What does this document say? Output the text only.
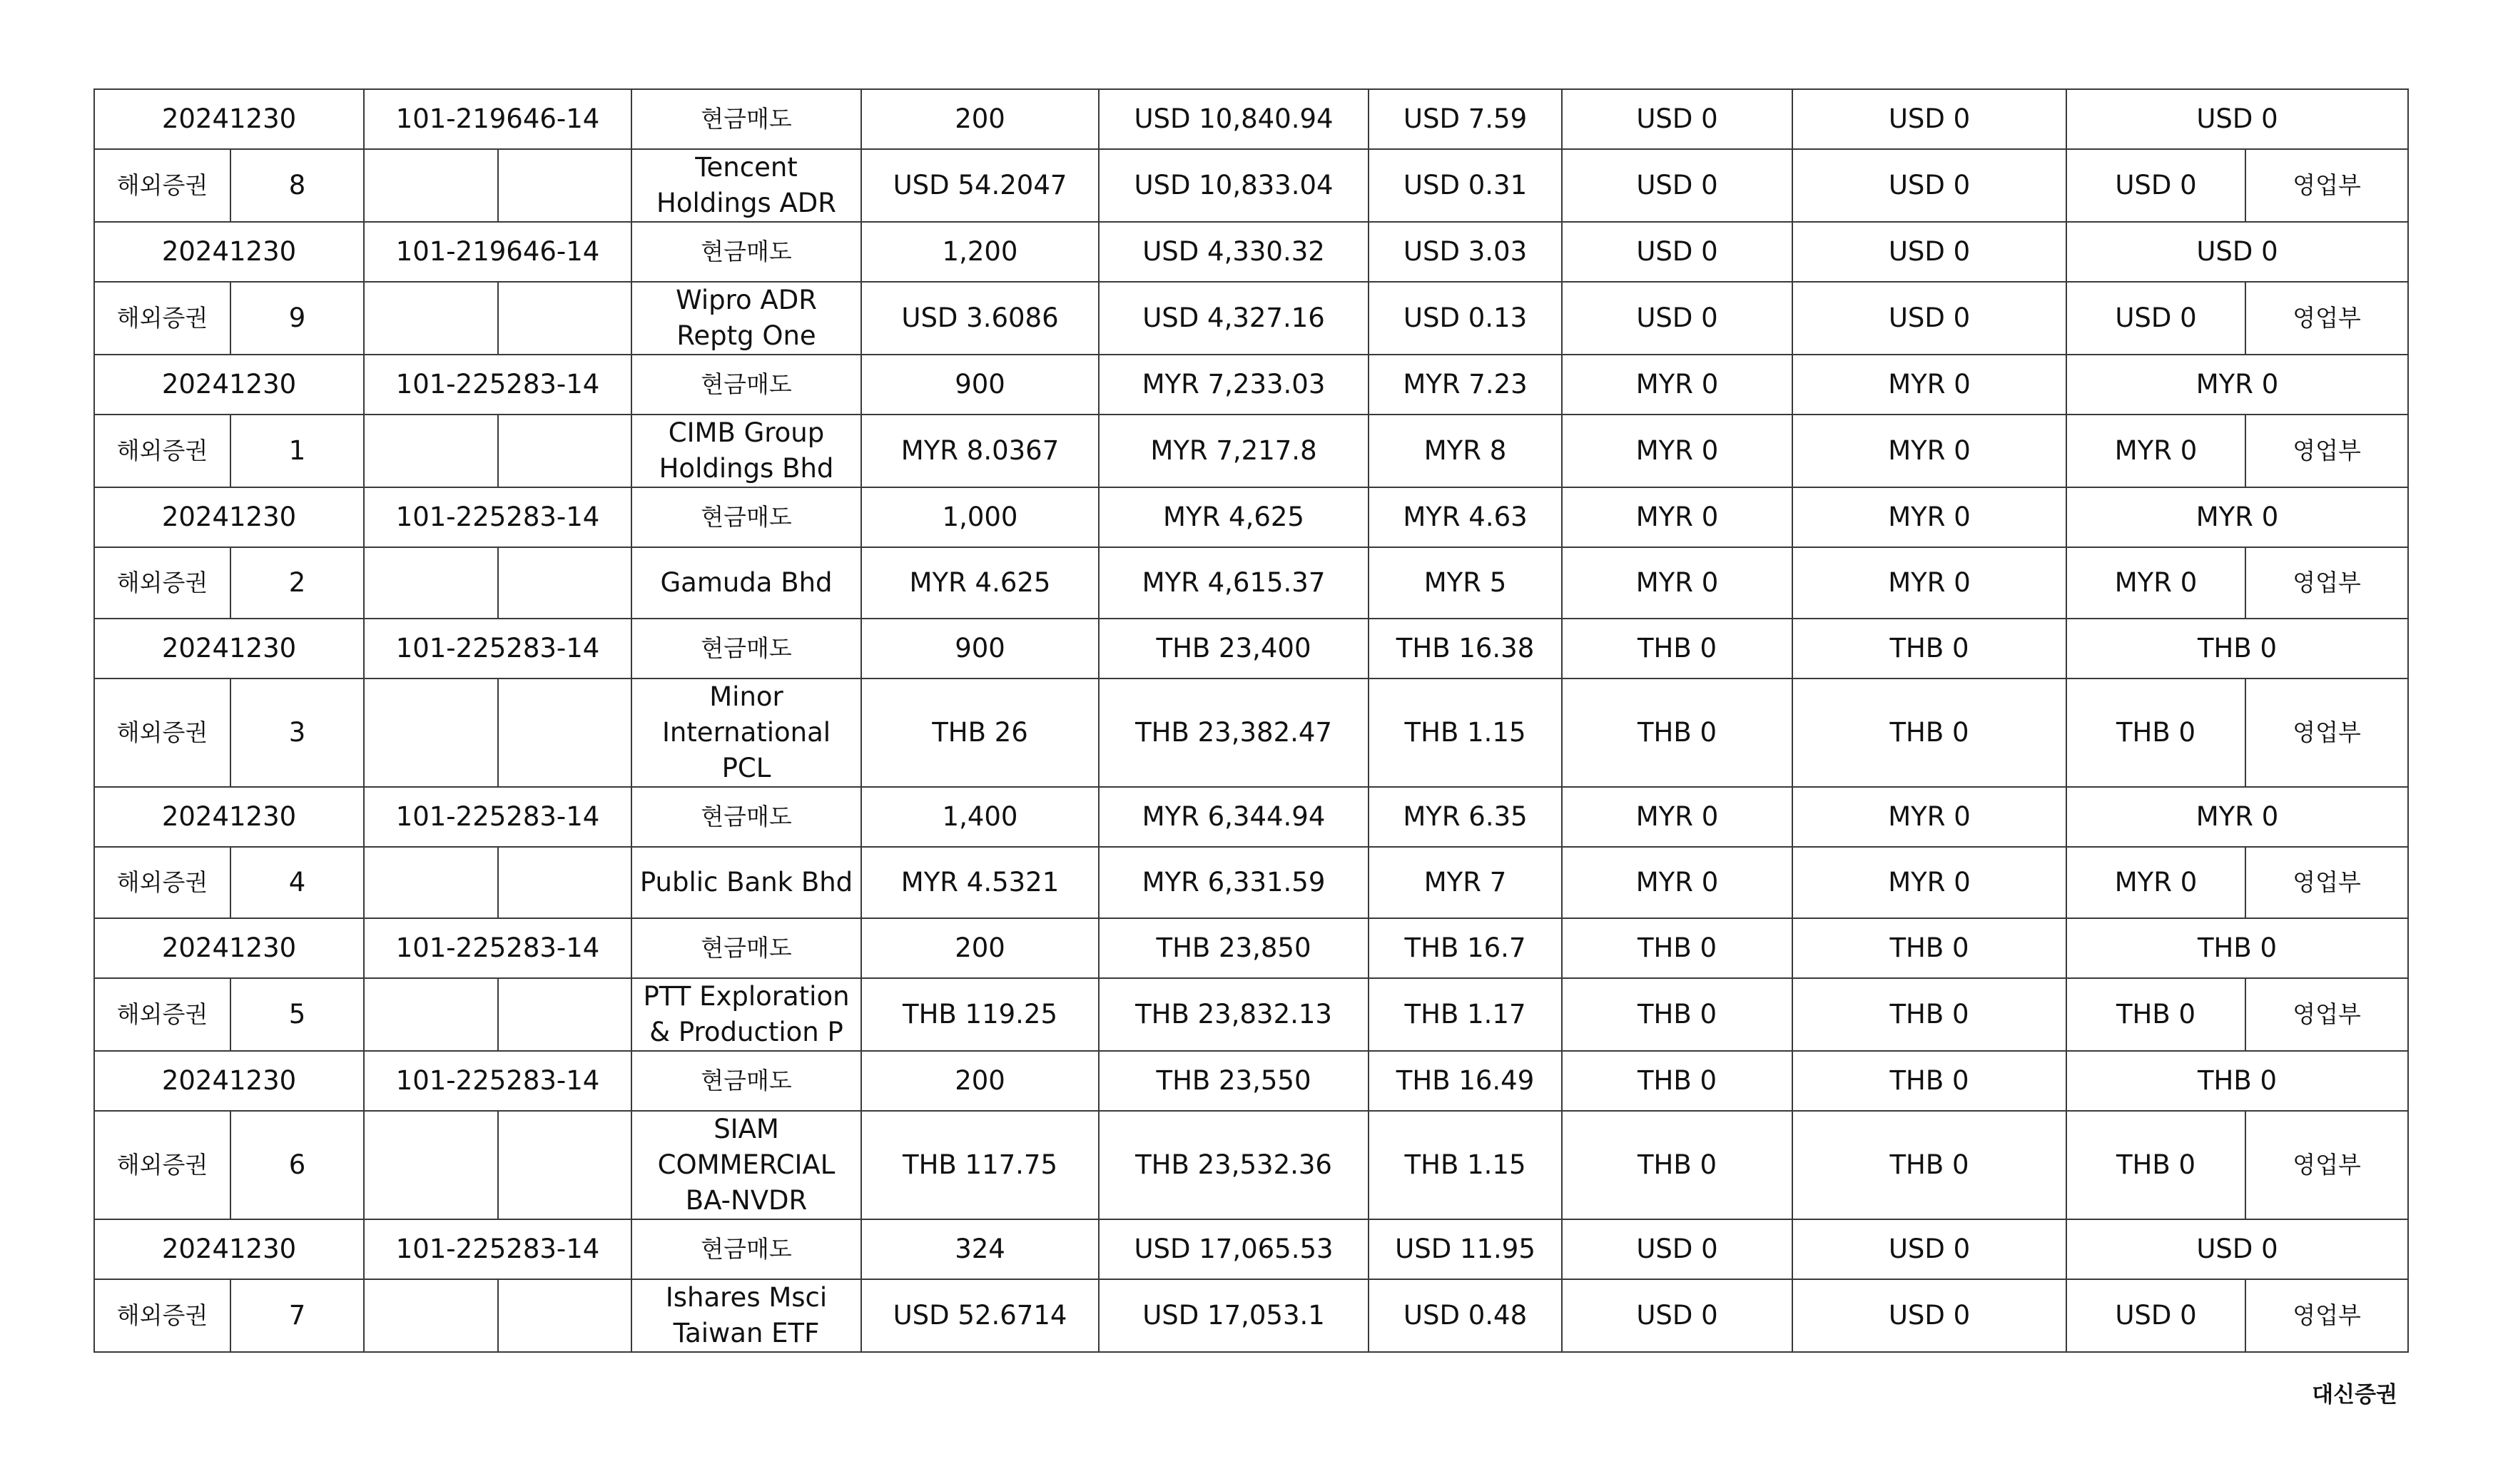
20241230		101-219646-14		현금매도	200	USD 10,840.94	USD 7.59	USD 0	USD 0	USD 0	
해외증권	8			Tencent Holdings ADR	USD 54.2047	USD 10,833.04	USD 0.31	USD 0	USD 0	USD 0	영업부
20241230		101-219646-14		현금매도	1,200	USD 4,330.32	USD 3.03	USD 0	USD 0	USD 0	
해외증권	9			Wipro ADR Reptg One	USD 3.6086	USD 4,327.16	USD 0.13	USD 0	USD 0	USD 0	영업부
20241230		101-225283-14		현금매도	900	MYR 7,233.03	MYR 7.23	MYR 0	MYR 0	MYR 0	
해외증권	1			CIMB Group Holdings Bhd	MYR 8.0367	MYR 7,217.8	MYR 8	MYR 0	MYR 0	MYR 0	영업부
20241230		101-225283-14		현금매도	1,000	MYR 4,625	MYR 4.63	MYR 0	MYR 0	MYR 0	
해외증권	2			Gamuda Bhd	MYR 4.625	MYR 4,615.37	MYR 5	MYR 0	MYR 0	MYR 0	영업부
20241230		101-225283-14		현금매도	900	THB 23,400	THB 16.38	THB 0	THB 0	THB 0	
해외증권	3			Minor International PCL	THB 26	THB 23,382.47	THB 1.15	THB 0	THB 0	THB 0	영업부
20241230		101-225283-14		현금매도	1,400	MYR 6,344.94	MYR 6.35	MYR 0	MYR 0	MYR 0	
해외증권	4			Public Bank Bhd	MYR 4.5321	MYR 6,331.59	MYR 7	MYR 0	MYR 0	MYR 0	영업부
20241230		101-225283-14		현금매도	200	THB 23,850	THB 16.7	THB 0	THB 0	THB 0	
해외증권	5			PTT Exploration & Production P	THB 119.25	THB 23,832.13	THB 1.17	THB 0	THB 0	THB 0	영업부
20241230		101-225283-14		현금매도	200	THB 23,550	THB 16.49	THB 0	THB 0	THB 0	
해외증권	6			SIAM COMMERCIAL BA-NVDR	THB 117.75	THB 23,532.36	THB 1.15	THB 0	THB 0	THB 0	영업부
20241230		101-225283-14		현금매도	324	USD 17,065.53	USD 11.95	USD 0	USD 0	USD 0	
해외증권	7			Ishares Msci Taiwan ETF	USD 52.6714	USD 17,053.1	USD 0.48	USD 0	USD 0	USD 0	영업부
대신증권
